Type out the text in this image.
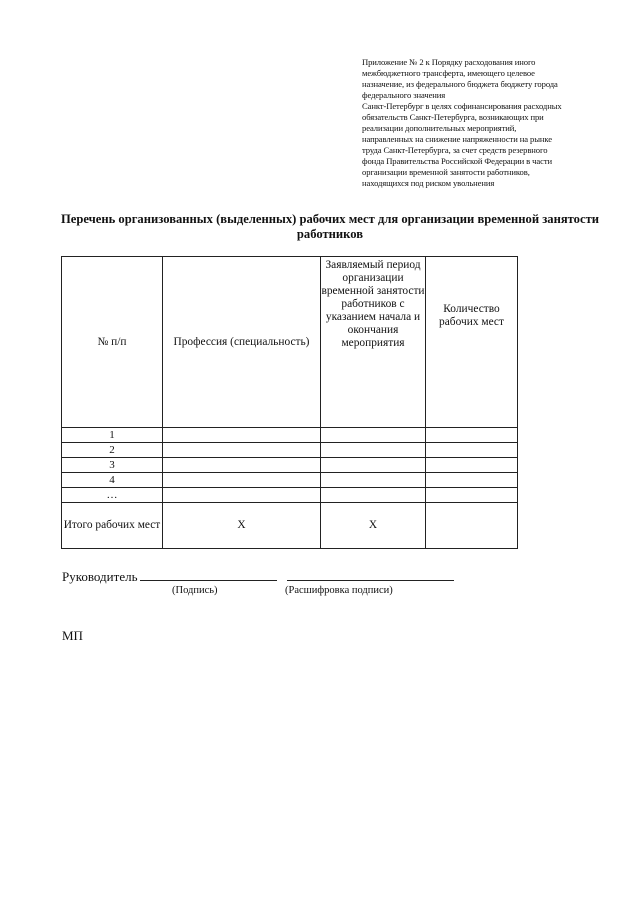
Приложение № 2 к Порядку расходования иного
межбюджетного трансферта, имеющего целевое
назначение, из федерального бюджета бюджету города
федерального значения
Санкт-Петербург в целях софинансирования расходных
обязательств Санкт-Петербурга, возникающих при
реализации дополнительных мероприятий,
направленных на снижение напряженности на рынке
труда Санкт-Петербурга, за счет средств резервного
фонда Правительства Российской Федерации в части
организации временной занятости работников,
находящихся под риском увольнения
Перечень организованных (выделенных) рабочих мест для организации временной занятости работников
№ п/п	Профессия (специальность)	Заявляемый период организации временной занятости работников с указанием начала и окончания мероприятия	Количество рабочих мест
1			
2			
3			
4			
…			
Итого рабочих мест	Х	Х	
Руководитель
(Подпись)	(Расшифровка подписи)
МП
